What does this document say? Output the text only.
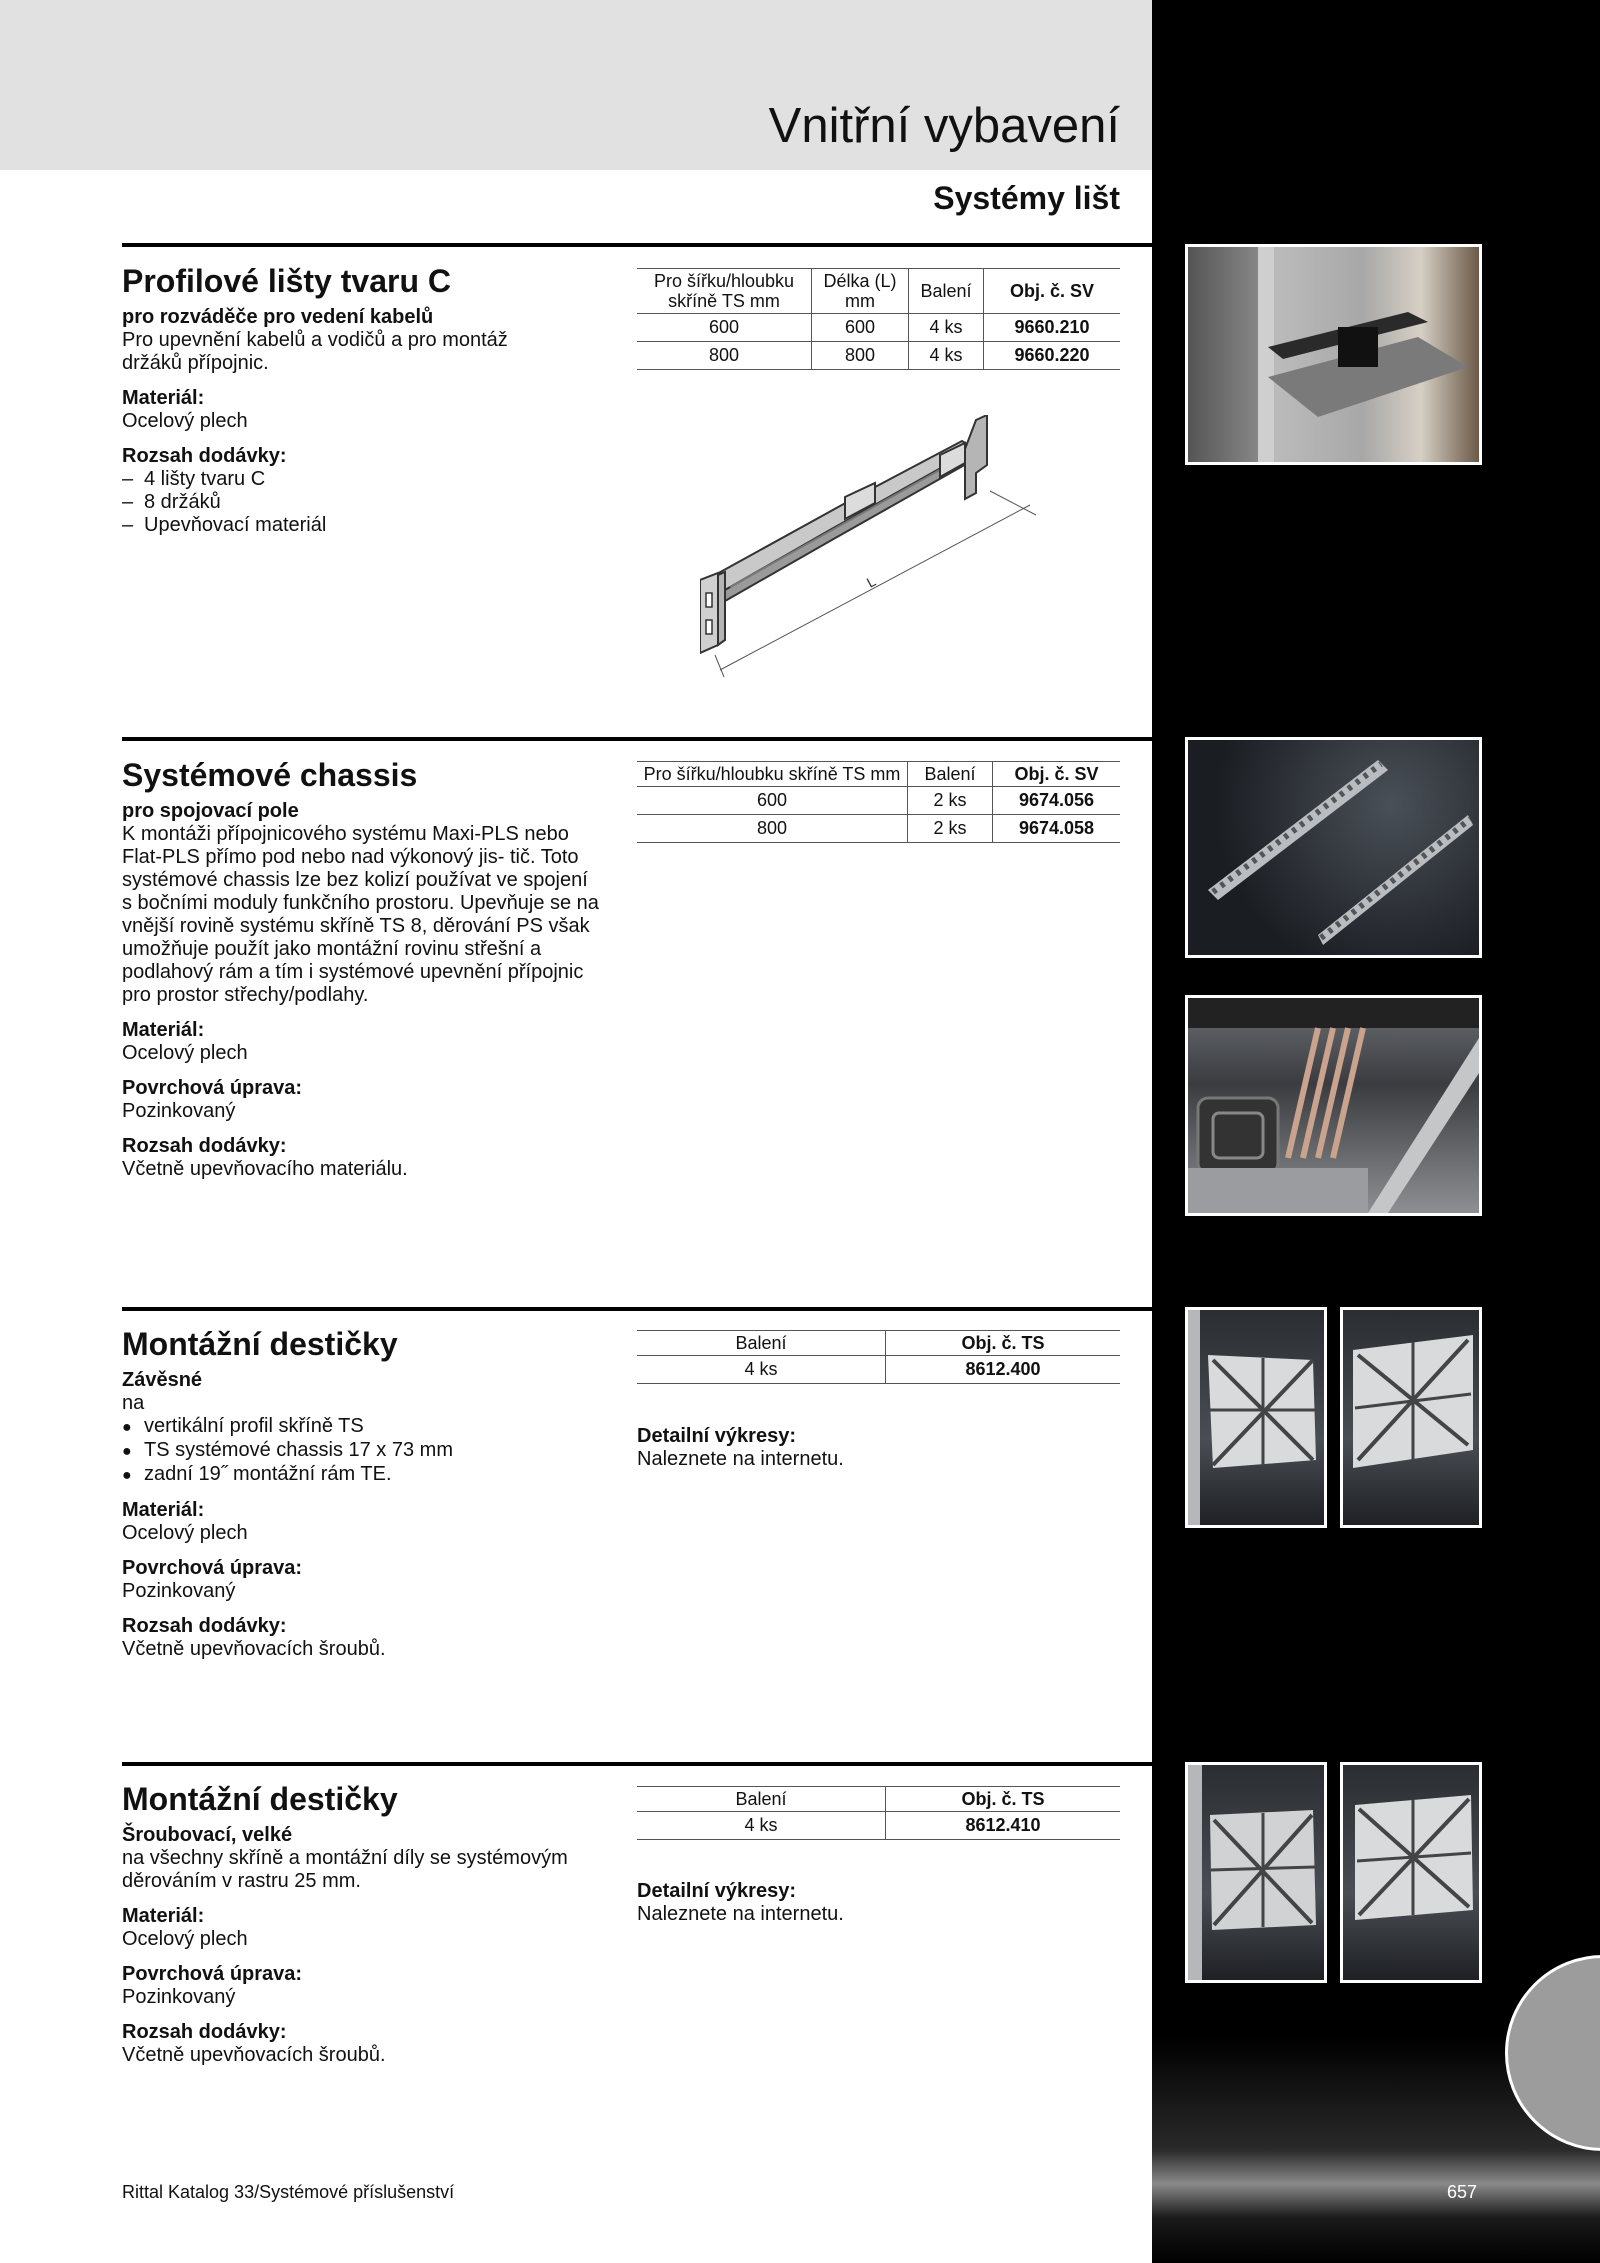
Vnitřní vybavení
Systémy lišt
Profilové lišty tvaru C

pro rozváděče pro vedení kabelů

Pro upevnění kabelů a vodičů a pro montáž držáků přípojnic.

Materiál:

Ocelový plech

Rozsah dodávky:

– 4 lišty tvaru C
– 8 držáků
– Upevňovací materiál
Pro šířku/hloubku skříně TS mm	Délka (L) mm	Balení	Obj. č. SV
600	600	4 ks	9660.210
800	800	4 ks	9660.220
L
Systémové chassis

pro spojovací pole

K montáži přípojnicového systému Maxi-PLS nebo Flat-PLS přímo pod nebo nad výkonový jis- tič. Toto systémové chassis lze bez kolizí používat ve spojení s bočními moduly funkčního prostoru. Upevňuje se na vnější rovině systému skříně TS 8, děrování PS však umožňuje použít jako montážní rovinu střešní a podlahový rám a tím i systémové upevnění přípojnic pro prostor střechy/podlahy.

Materiál:

Ocelový plech

Povrchová úprava:

Pozinkovaný

Rozsah dodávky:

Včetně upevňovacího materiálu.

Pro šířku/hloubku skříně TS mm	Balení	Obj. č. SV
600	2 ks	9674.056
800	2 ks	9674.058
Montážní destičky

Závěsné

na

● vertikální profil skříně TS
● TS systémové chassis 17 x 73 mm
● zadní 19˝ montážní rám TE.

Materiál:

Ocelový plech

Povrchová úprava:

Pozinkovaný

Rozsah dodávky:

Včetně upevňovacích šroubů.

Balení	Obj. č. TS
4 ks	8612.400
Detailní výkresy:
Naleznete na internetu.
Montážní destičky

Šroubovací, velké

na všechny skříně a montážní díly se systémovým děrováním v rastru 25 mm.

Materiál:

Ocelový plech

Povrchová úprava:

Pozinkovaný

Rozsah dodávky:

Včetně upevňovacích šroubů.

Balení	Obj. č. TS
4 ks	8612.410
Detailní výkresy:
Naleznete na internetu.
Rittal Katalog 33/Systémové příslušenství	657
